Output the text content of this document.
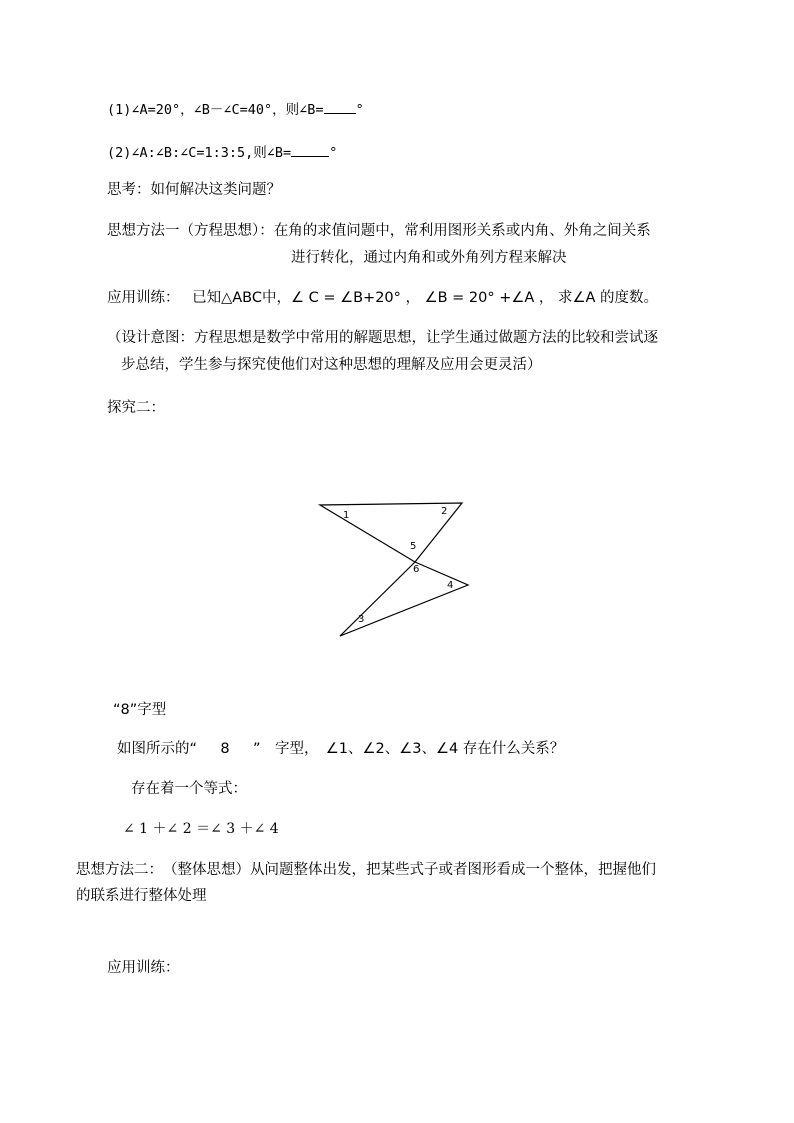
(1)∠A=20°，∠B－∠C=40°，则∠B= °
(2)∠A:∠B:∠C=1:3:5,则∠B=	°
思考：如何解决这类问题？
思想方法一（方程思想）：在角的求值问题中，常利用图形关系或内角、外角之间关系
进行转化，通过内角和或外角列方程来解决
应用训练： 已知△ABC中，∠ C = ∠B+20° ， ∠B = 20° +∠A ， 求∠A 的度数。
（设计意图：方程思想是数学中常用的解题思想，让学生通过做题方法的比较和尝试逐
步总结，学生参与探究使他们对这种思想的理解及应用会更灵活）
探究二：
1	2
3
4
5
6
“8”字型
如图所示的“ 8 ”　字型，　∠1、∠2、∠3、∠4 存在什么关系？
存在着一个等式：
∠ 1 ＋∠ 2 ＝∠ 3 ＋∠ 4
思想方法二：　（整体思想）从问题整体出发，把某些式子或者图形看成一个整体，把握他们
的联系进行整体处理
应用训练：
